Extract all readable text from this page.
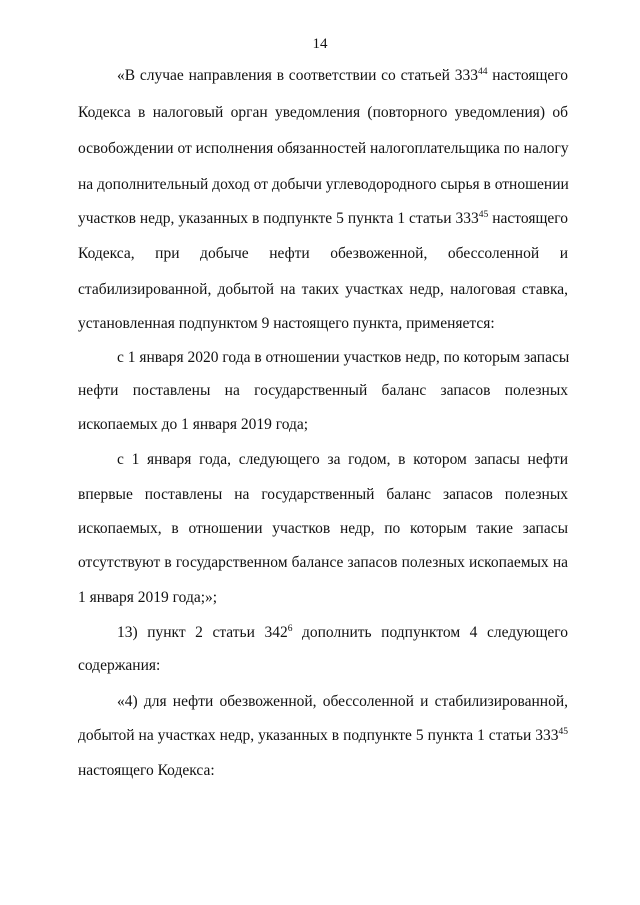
14
«В случае направления в соответствии со статьей $333^{44}$ настоящего
Кодекса в налоговый орган уведомления (повторного уведомления) об
освобождении от исполнения обязанностей налогоплательщика по налогу
на дополнительный доход от добычи углеводородного сырья в отношении
участков недр, указанных в подпункте 5 пункта 1 статьи $333^{45}$ настоящего
Кодекса, при добыче нефти обезвоженной, обессоленной и
стабилизированной, добытой на таких участках недр, налоговая ставка,
установленная подпунктом 9 настоящего пункта, применяется:
с 1 января 2020 года в отношении участков недр, по которым запасы
нефти поставлены на государственный баланс запасов полезных
ископаемых до 1 января 2019 года;
с 1 января года, следующего за годом, в котором запасы нефти
впервые поставлены на государственный баланс запасов полезных
ископаемых, в отношении участков недр, по которым такие запасы
отсутствуют в государственном балансе запасов полезных ископаемых на
1 января 2019 года;»;
13) пункт 2 статьи $342^6$ дополнить подпунктом 4 следующего
содержания:
«4) для нефти обезвоженной, обессоленной и стабилизированной,
добытой на участках недр, указанных в подпункте 5 пункта 1 статьи $333^{45}$
настоящего Кодекса:
